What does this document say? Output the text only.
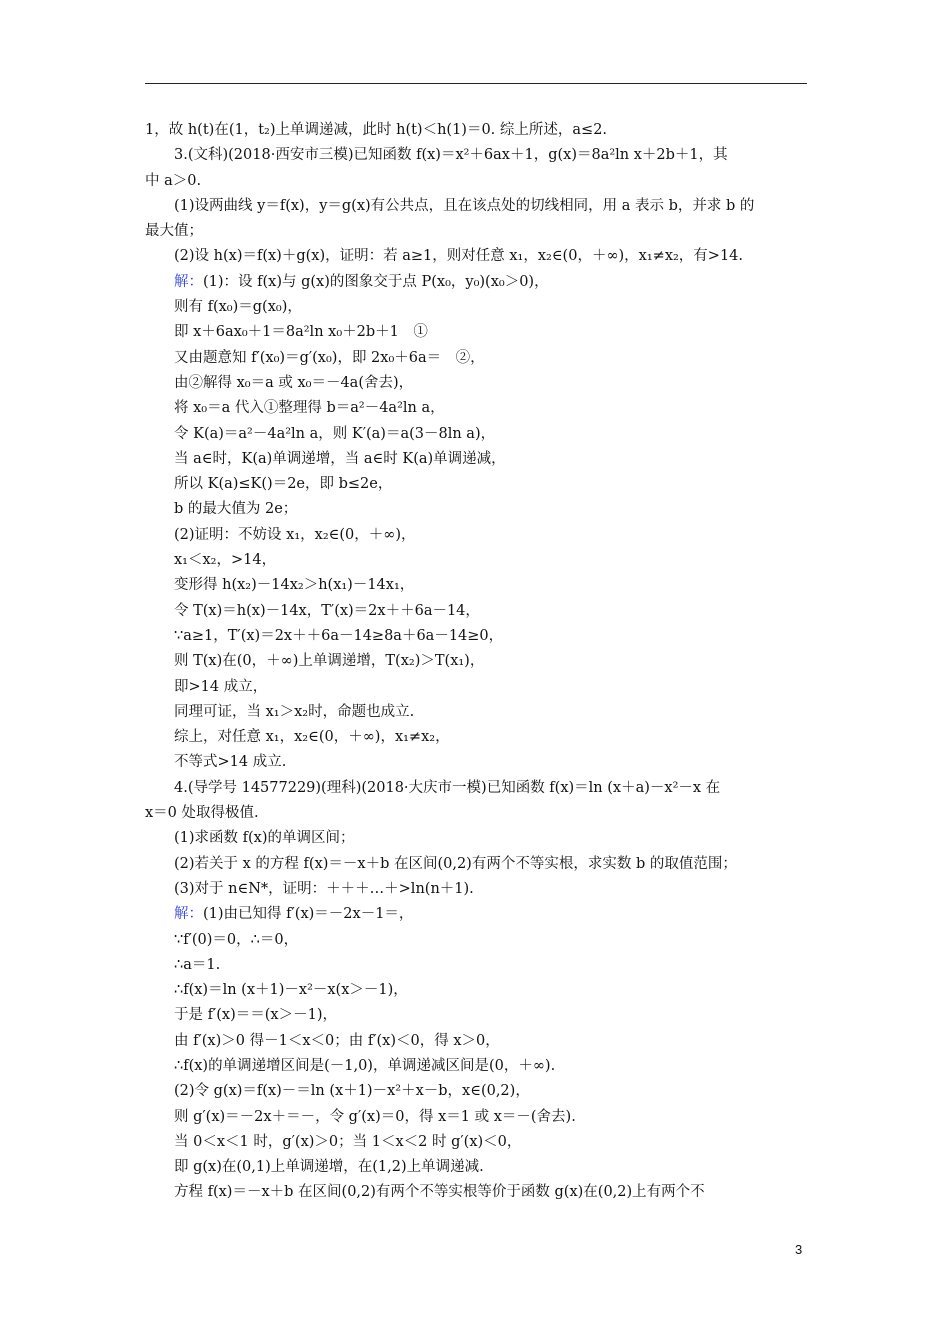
1，故 h(t)在(1，t₂)上单调递减，此时 h(t)＜h(1)＝0. 综上所述，a≤2.
3.(文科)(2018·西安市三模)已知函数 f(x)＝x²＋6ax＋1，g(x)＝8a²ln x＋2b＋1，其
中 a＞0.
(1)设两曲线 y＝f(x)，y＝g(x)有公共点，且在该点处的切线相同，用 a 表示 b，并求 b 的
最大值；
(2)设 h(x)＝f(x)＋g(x)，证明：若 a≥1，则对任意 x₁，x₂∈(0，＋∞)，x₁≠x₂，有>14.
解：(1)：设 f(x)与 g(x)的图象交于点 P(x₀，y₀)(x₀＞0)，
则有 f(x₀)＝g(x₀)，
即 x＋6ax₀＋1＝8a²ln x₀＋2b＋1　①
又由题意知 f′(x₀)＝g′(x₀)，即 2x₀＋6a＝　②，
由②解得 x₀＝a 或 x₀＝－4a(舍去)，
将 x₀＝a 代入①整理得 b＝a²－4a²ln a，
令 K(a)＝a²－4a²ln a，则 K′(a)＝a(3－8ln a)，
当 a∈时，K(a)单调递增，当 a∈时 K(a)单调递减，
所以 K(a)≤K()＝2e，即 b≤2e，
b 的最大值为 2e；
(2)证明：不妨设 x₁，x₂∈(0，＋∞)，
x₁＜x₂，>14，
变形得 h(x₂)－14x₂＞h(x₁)－14x₁，
令 T(x)＝h(x)－14x，T′(x)＝2x＋＋6a－14，
∵a≥1，T′(x)＝2x＋＋6a－14≥8a＋6a－14≥0，
则 T(x)在(0，＋∞)上单调递增，T(x₂)＞T(x₁)，
即>14 成立，
同理可证，当 x₁＞x₂时，命题也成立.
综上，对任意 x₁，x₂∈(0，＋∞)，x₁≠x₂，
不等式>14 成立.
4.(导学号 14577229)(理科)(2018·大庆市一模)已知函数 f(x)＝ln (x＋a)－x²－x 在
x＝0 处取得极值.
(1)求函数 f(x)的单调区间；
(2)若关于 x 的方程 f(x)＝－x＋b 在区间(0,2)有两个不等实根，求实数 b 的取值范围；
(3)对于 n∈N*，证明：＋＋＋…＋>ln(n＋1).
解：(1)由已知得 f′(x)＝－2x－1＝，
∵f′(0)＝0，∴＝0，
∴a＝1.
∴f(x)＝ln (x＋1)－x²－x(x＞－1)，
于是 f′(x)＝＝(x＞－1)，
由 f′(x)＞0 得－1＜x＜0；由 f′(x)＜0，得 x＞0，
∴f(x)的单调递增区间是(－1,0)，单调递减区间是(0，＋∞).
(2)令 g(x)＝f(x)－＝ln (x＋1)－x²＋x－b，x∈(0,2)，
则 g′(x)＝－2x＋＝－，令 g′(x)＝0，得 x＝1 或 x＝－(舍去).
当 0＜x＜1 时，g′(x)＞0；当 1＜x＜2 时 g′(x)＜0，
即 g(x)在(0,1)上单调递增，在(1,2)上单调递减.
方程 f(x)＝－x＋b 在区间(0,2)有两个不等实根等价于函数 g(x)在(0,2)上有两个不
3
